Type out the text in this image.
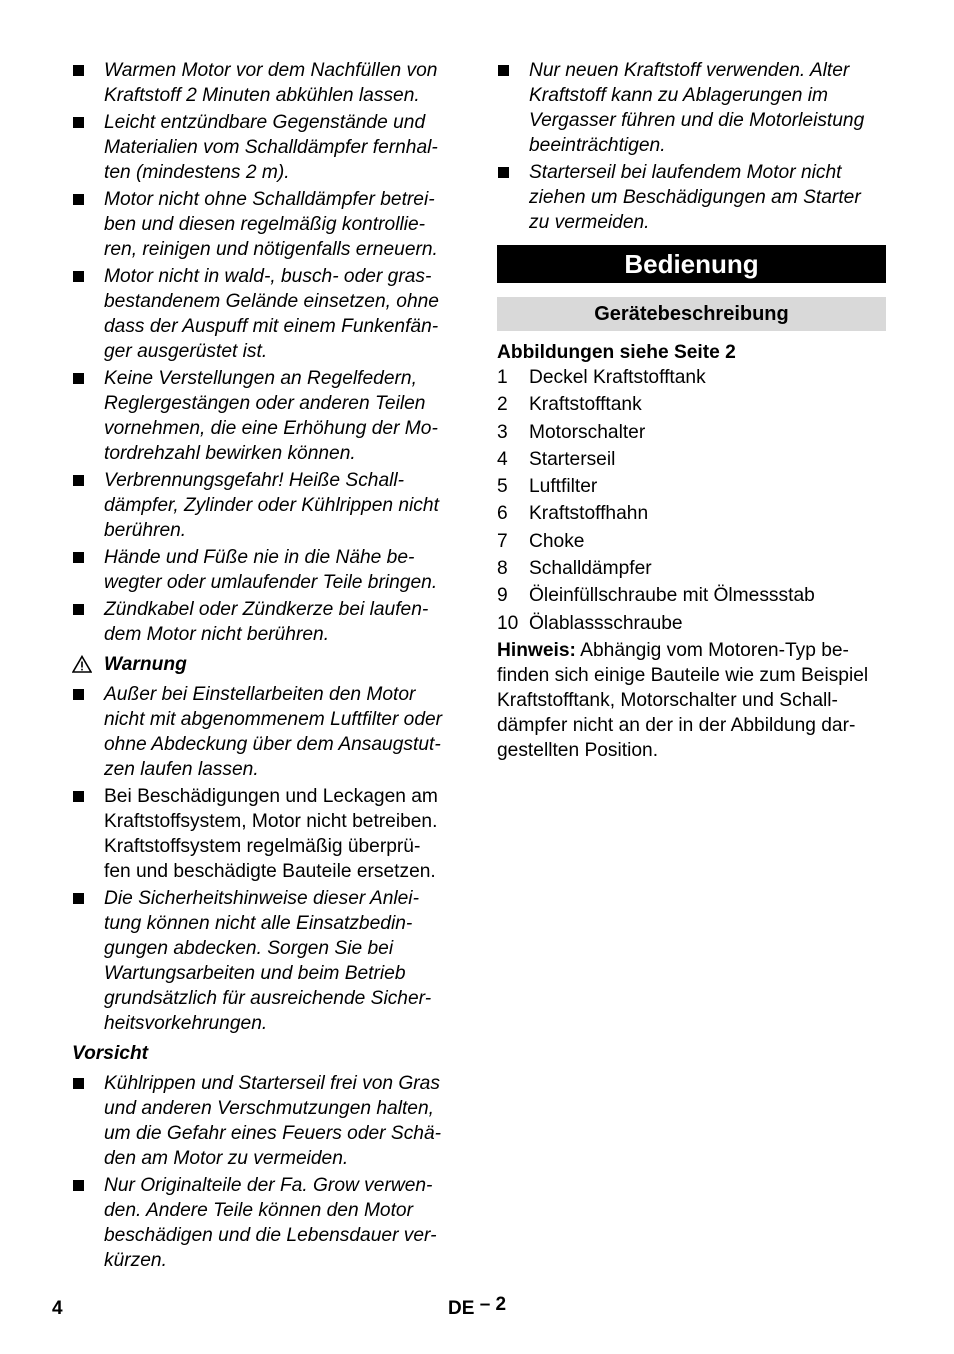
Warmen Motor vor dem Nachfüllen von
Kraftstoff 2 Minuten abkühlen lassen.
Leicht entzündbare Gegenstände und
Materialien vom Schalldämpfer fernhal-
ten (mindestens 2 m).
Motor nicht ohne Schalldämpfer betrei-
ben und diesen regelmäßig kontrollie-
ren, reinigen und nötigenfalls erneuern.
Motor nicht in wald-, busch- oder gras-
bestandenem Gelände einsetzen, ohne
dass der Auspuff mit einem Funkenfän-
ger ausgerüstet ist.
Keine Verstellungen an Regelfedern,
Reglergestängen oder anderen Teilen
vornehmen, die eine Erhöhung der Mo-
tordrehzahl bewirken können.
Verbrennungsgefahr! Heiße Schall-
dämpfer, Zylinder oder Kühlrippen nicht
berühren.
Hände und Füße nie in die Nähe be-
wegter oder umlaufender Teile bringen.
Zündkabel oder Zündkerze bei laufen-
dem Motor nicht berühren.
Warnung
Außer bei Einstellarbeiten den Motor
nicht mit abgenommenem Luftfilter oder
ohne Abdeckung über dem Ansaugstut-
zen laufen lassen.
Bei Beschädigungen und Leckagen am
Kraftstoffsystem, Motor nicht betreiben.
Kraftstoffsystem regelmäßig überprü-
fen und beschädigte Bauteile ersetzen.
Die Sicherheitshinweise dieser Anlei-
tung können nicht alle Einsatzbedin-
gungen abdecken. Sorgen Sie bei
Wartungsarbeiten und beim Betrieb
grundsätzlich für ausreichende Sicher-
heitsvorkehrungen.
Vorsicht
Kühlrippen und Starterseil frei von Gras
und anderen Verschmutzungen halten,
um die Gefahr eines Feuers oder Schä-
den am Motor zu vermeiden.
Nur Originalteile der Fa. Grow verwen-
den. Andere Teile können den Motor
beschädigen und die Lebensdauer ver-
kürzen.
Nur neuen Kraftstoff verwenden. Alter
Kraftstoff kann zu Ablagerungen im
Vergasser führen und die Motorleistung
beeinträchtigen.
Starterseil bei laufendem Motor nicht
ziehen um Beschädigungen am Starter
zu vermeiden.
Bedienung
Gerätebeschreibung
Abbildungen siehe Seite 2
1 Deckel Kraftstofftank
2 Kraftstofftank
3 Motorschalter
4 Starterseil
5 Luftfilter
6 Kraftstoffhahn
7 Choke
8 Schalldämpfer
9 Öleinfüllschraube mit Ölmessstab
10 Ölablassschraube
Hinweis: Abhängig vom Motoren-Typ be-
finden sich einige Bauteile wie zum Beispiel
Kraftstofftank, Motorschalter und Schall-
dämpfer nicht an der in der Abbildung dar-
gestellten Position.
4	DE – 2
